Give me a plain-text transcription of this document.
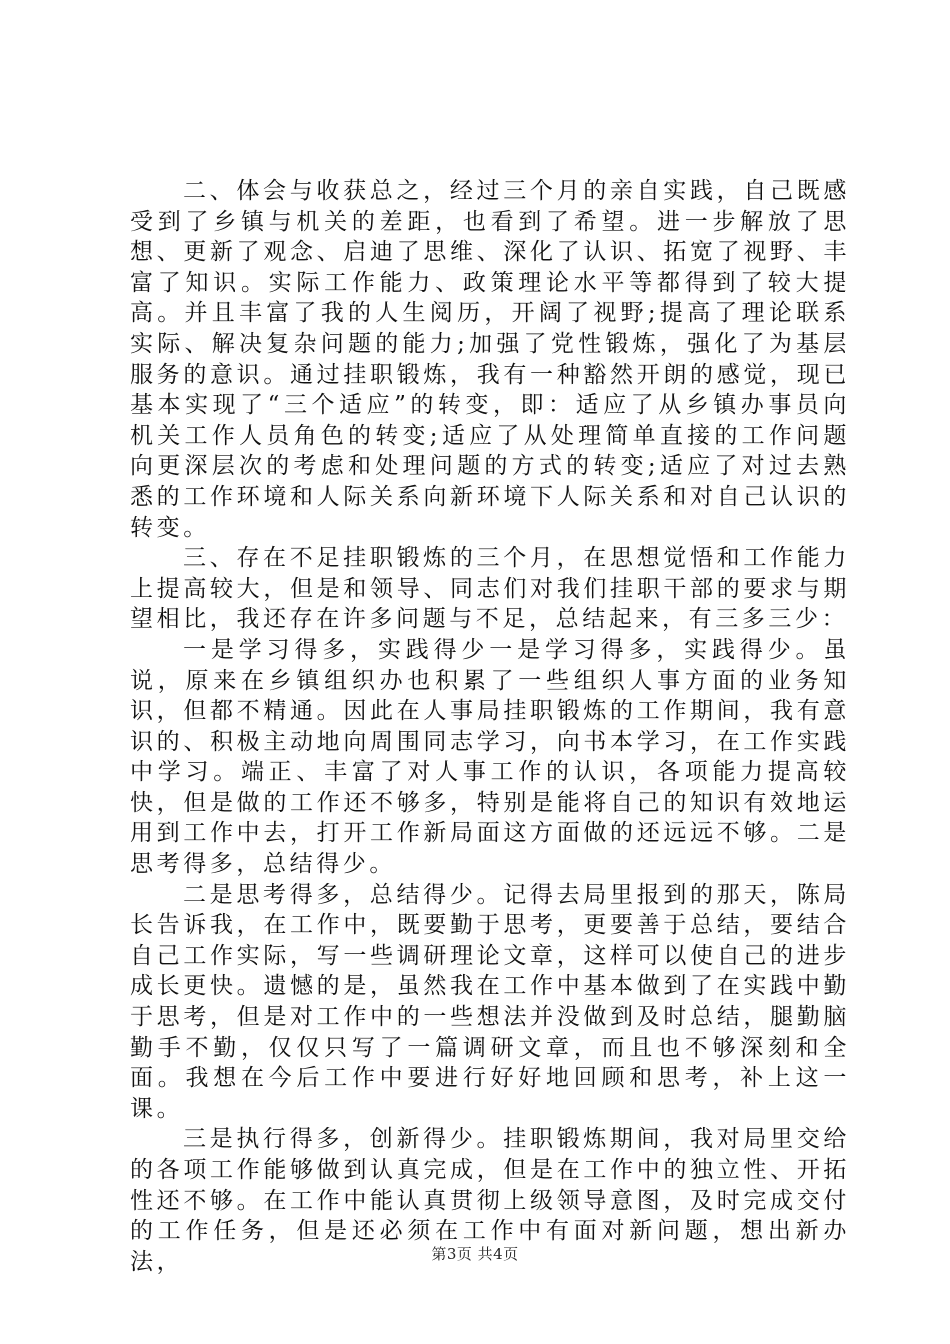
二、体会与收获总之，经过三个月的亲自实践，自己既感受到了乡镇与机关的差距，也看到了希望。进一步解放了思想、更新了观念、启迪了思维、深化了认识、拓宽了视野、丰富了知识。实际工作能力、政策理论水平等都得到了较大提高。并且丰富了我的人生阅历，开阔了视野;提高了理论联系实际、解决复杂问题的能力;加强了党性锻炼，强化了为基层服务的意识。通过挂职锻炼，我有一种豁然开朗的感觉，现已基本实现了“三个适应”的转变，即：适应了从乡镇办事员向机关工作人员角色的转变;适应了从处理简单直接的工作问题向更深层次的考虑和处理问题的方式的转变;适应了对过去熟悉的工作环境和人际关系向新环境下人际关系和对自己认识的转变。

三、存在不足挂职锻炼的三个月，在思想觉悟和工作能力上提高较大，但是和领导、同志们对我们挂职干部的要求与期望相比，我还存在许多问题与不足，总结起来，有三多三少：

一是学习得多，实践得少一是学习得多，实践得少。虽说，原来在乡镇组织办也积累了一些组织人事方面的业务知识，但都不精通。因此在人事局挂职锻炼的工作期间，我有意识的、积极主动地向周围同志学习，向书本学习，在工作实践中学习。端正、丰富了对人事工作的认识，各项能力提高较快，但是做的工作还不够多，特别是能将自己的知识有效地运用到工作中去，打开工作新局面这方面做的还远远不够。二是思考得多，总结得少。

二是思考得多，总结得少。记得去局里报到的那天，陈局长告诉我，在工作中，既要勤于思考，更要善于总结，要结合自己工作实际，写一些调研理论文章，这样可以使自己的进步成长更快。遗憾的是，虽然我在工作中基本做到了在实践中勤于思考，但是对工作中的一些想法并没做到及时总结，腿勤脑勤手不勤，仅仅只写了一篇调研文章，而且也不够深刻和全面。我想在今后工作中要进行好好地回顾和思考，补上这一课。

三是执行得多，创新得少。挂职锻炼期间，我对局里交给的各项工作能够做到认真完成，但是在工作中的独立性、开拓性还不够。在工作中能认真贯彻上级领导意图，及时完成交付的工作任务，但是还必须在工作中有面对新问题，想出新办法，	第3页 共4页
